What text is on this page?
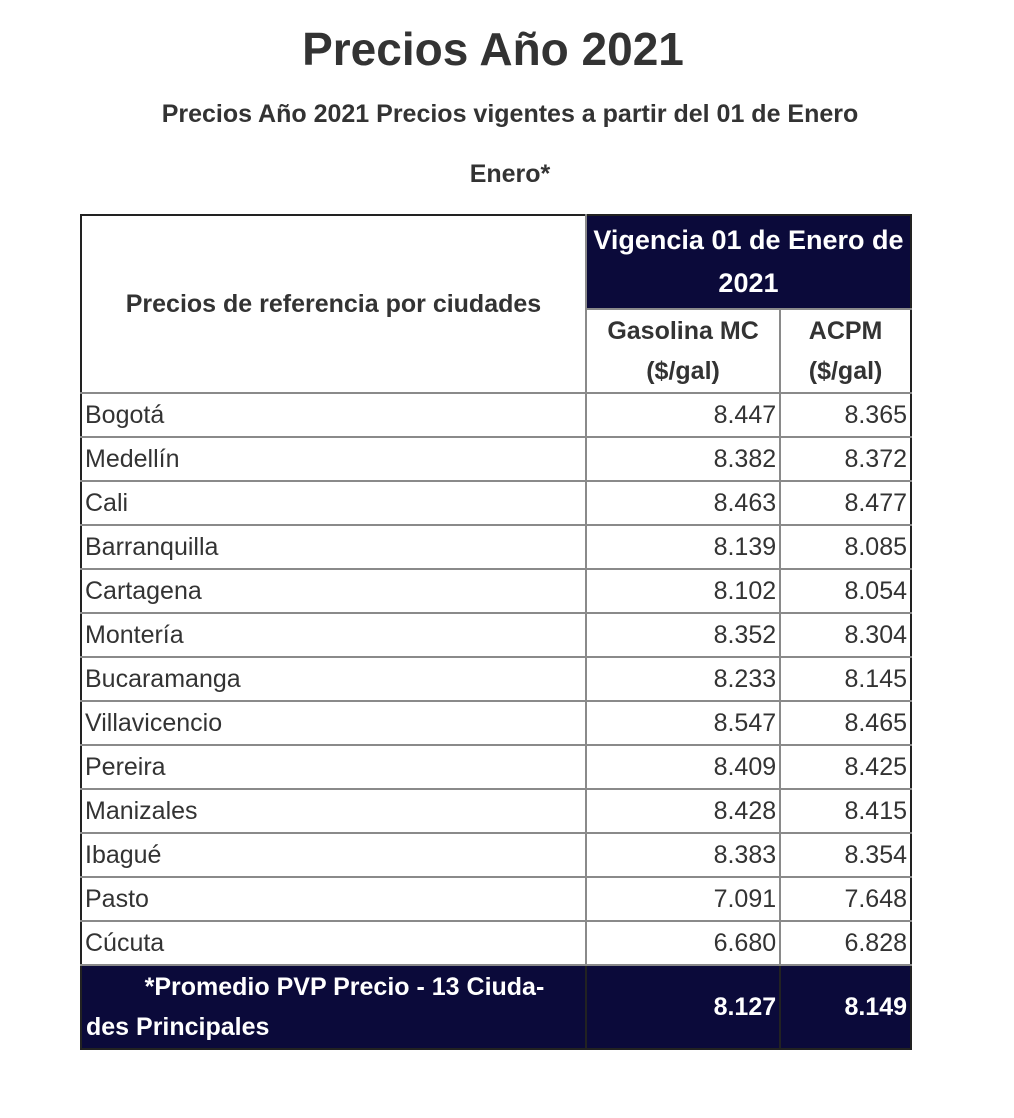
Precios Año 2021
Precios Año 2021 Precios vigentes a partir del 01 de Enero
Enero*
Precios de referencia por ciudades	Vigencia 01 de Enero de 2021	
	Gasolina MC ($/gal)	ACPM ($/gal)
Bogotá	8.447	8.365
Medellín	8.382	8.372
Cali	8.463	8.477
Barranquilla	8.139	8.085
Cartagena	8.102	8.054
Montería	8.352	8.304
Bucaramanga	8.233	8.145
Villavicencio	8.547	8.465
Pereira	8.409	8.425
Manizales	8.428	8.415
Ibagué	8.383	8.354
Pasto	7.091	7.648
Cúcuta	6.680	6.828

*Promedio PVP Precio - 13 Ciuda-
des Principales	8.127	8.149
